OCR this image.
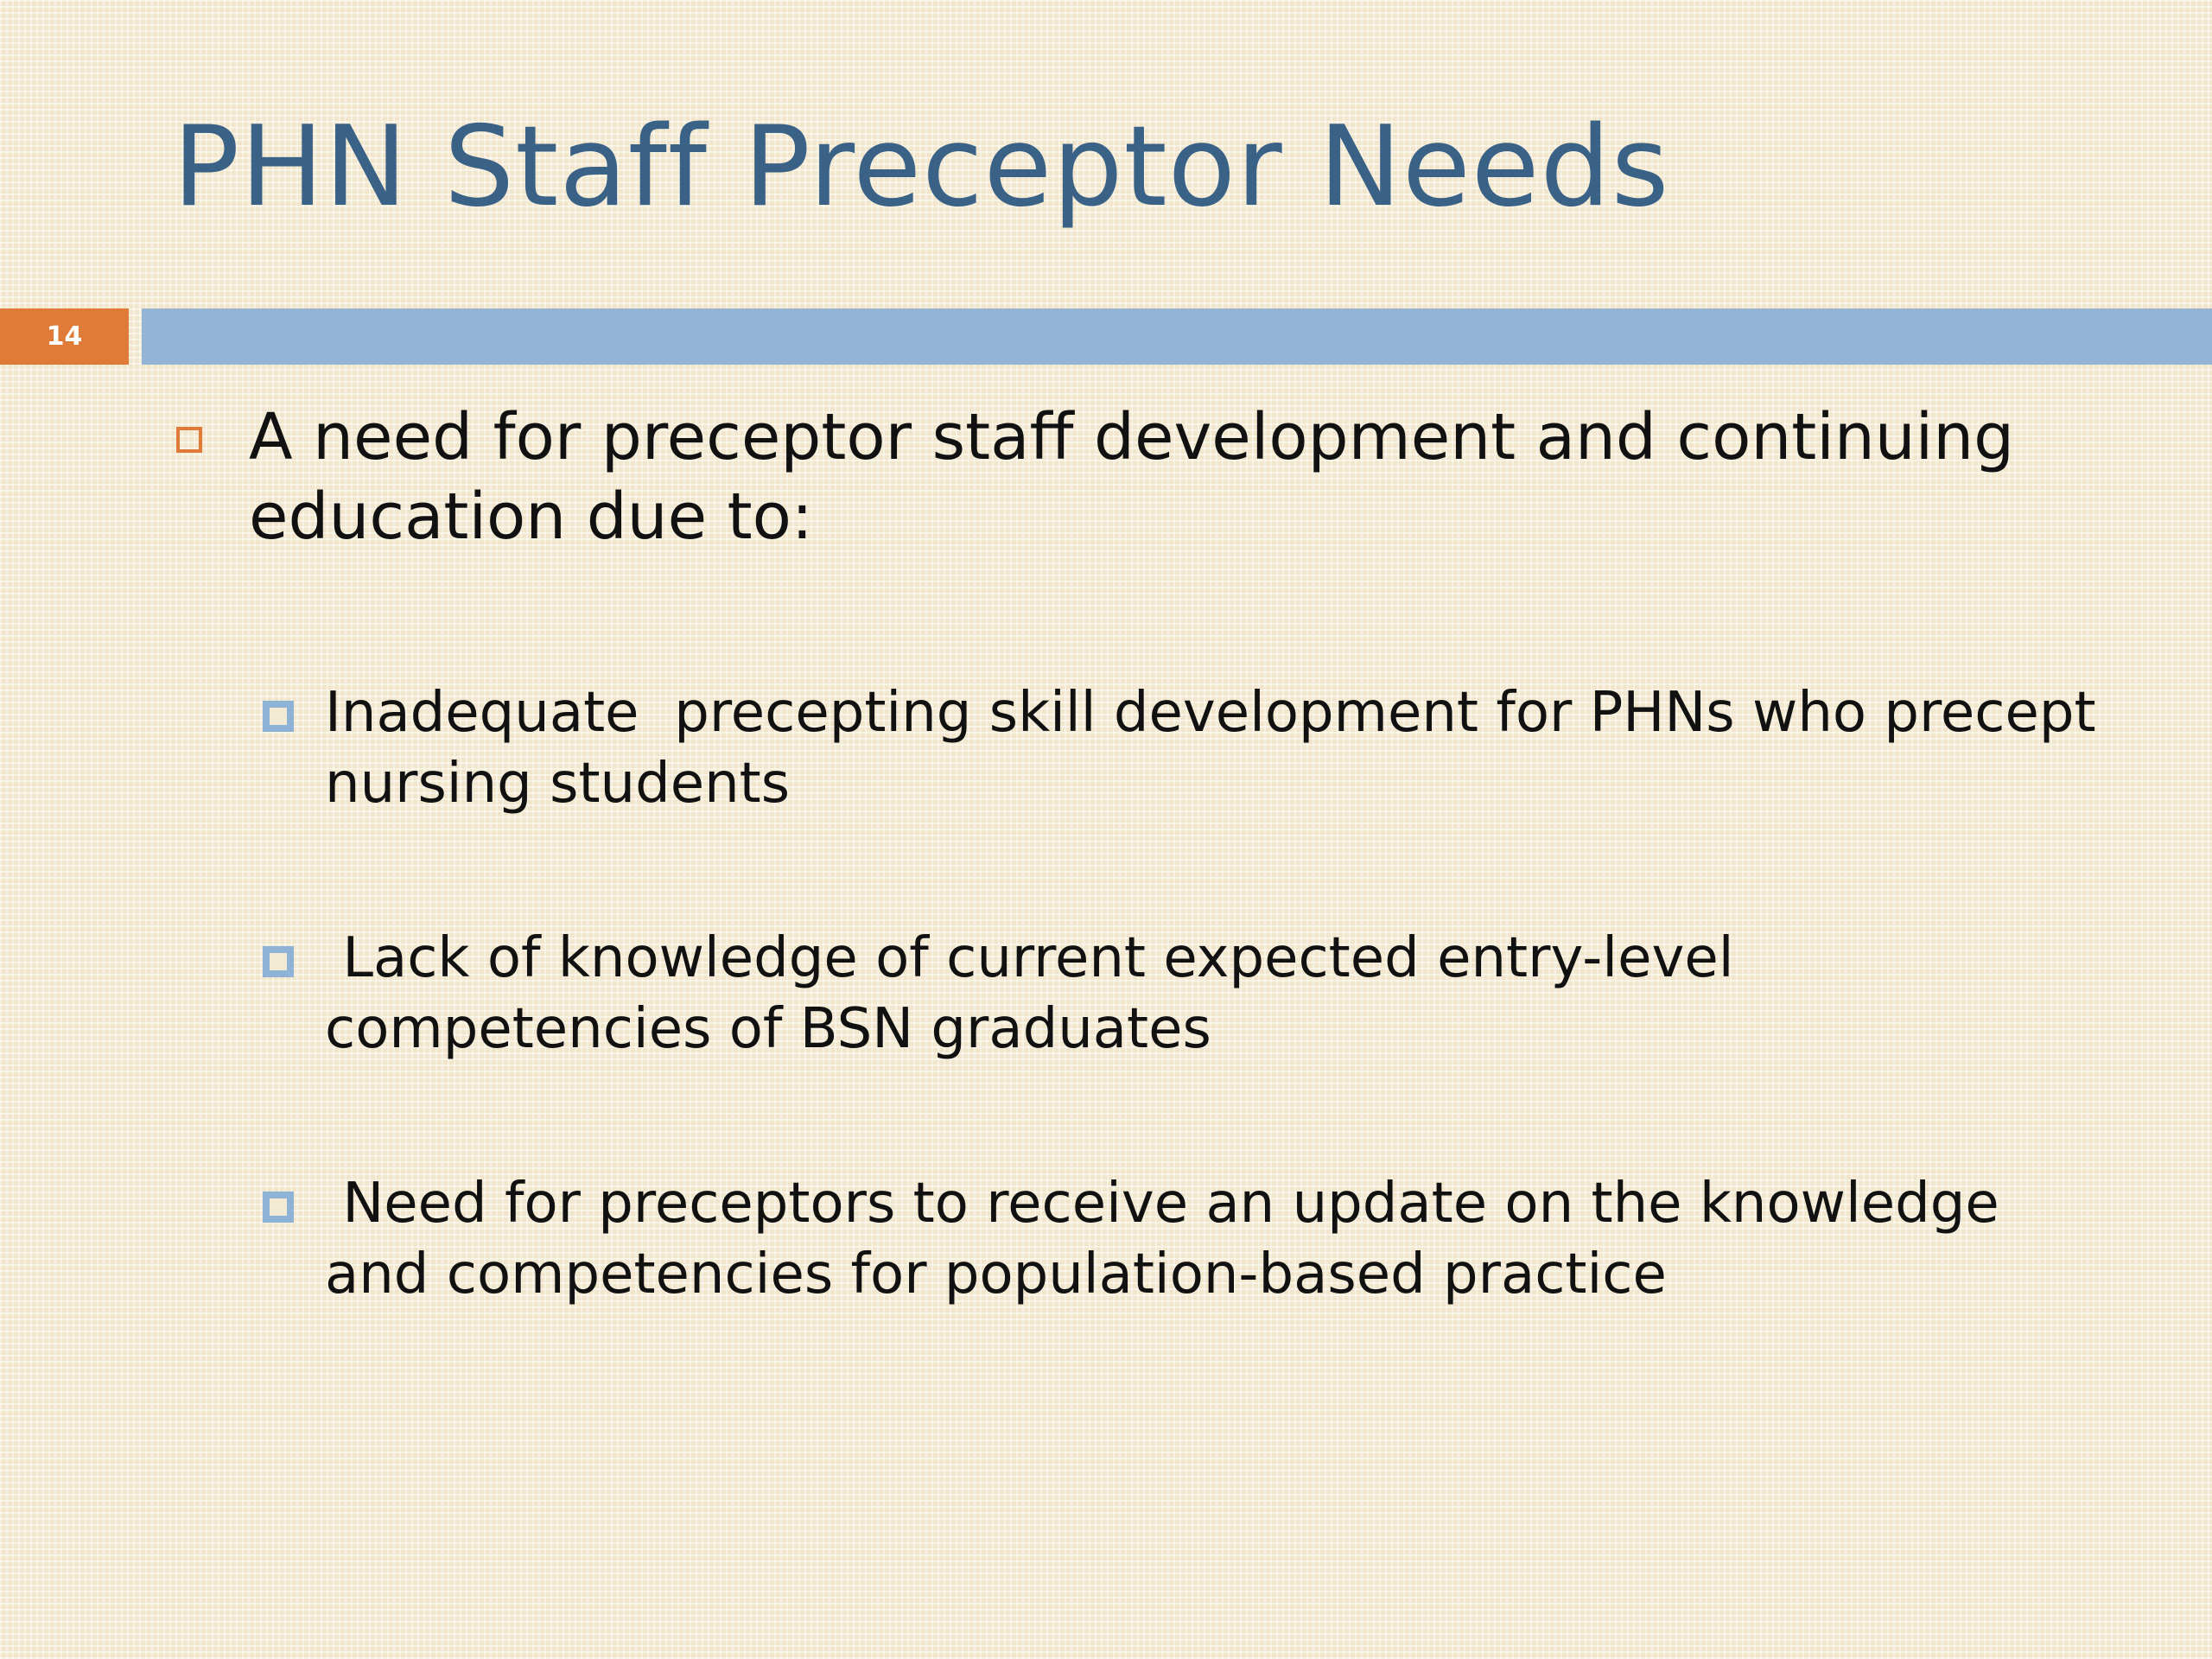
PHN Staff Preceptor Needs
14
A need for preceptor staff development and continuing education due to:
Inadequate  precepting skill development for PHNs who precept nursing students
Lack of knowledge of current expected entry-level competencies of BSN graduates
Need for preceptors to receive an update on the knowledge and competencies for population-based practice
